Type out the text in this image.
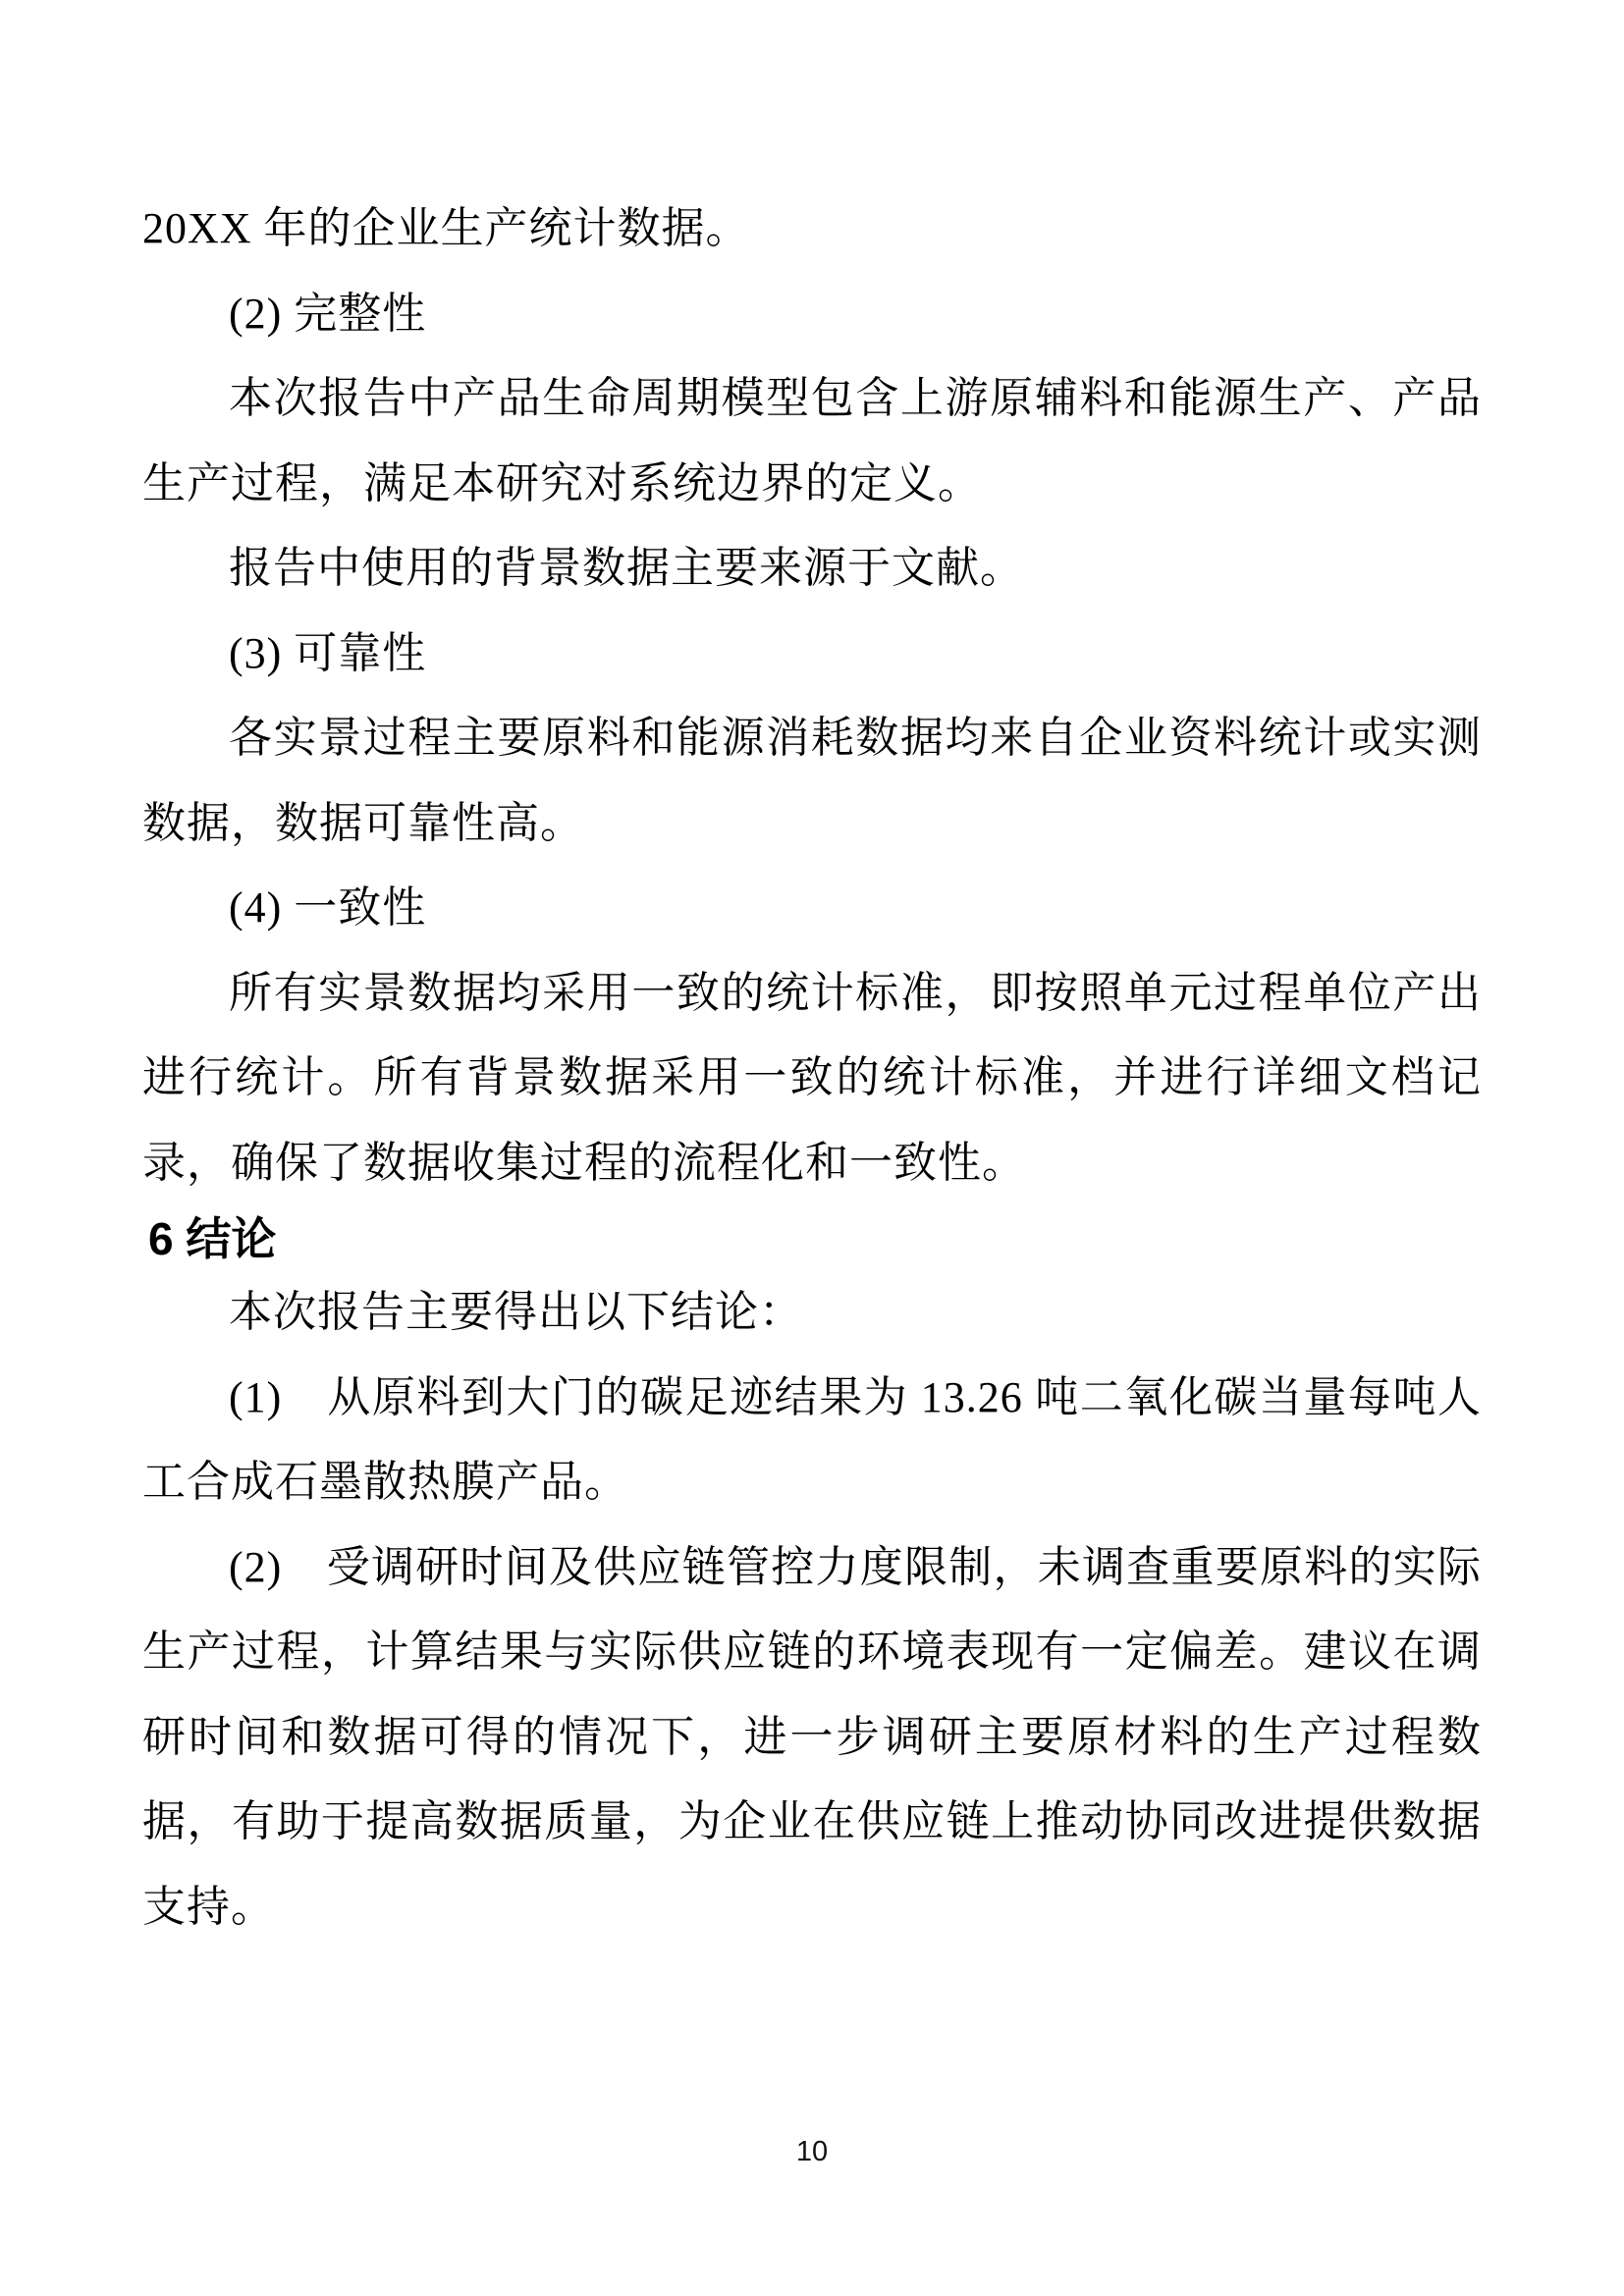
20XX 年的企业生产统计数据。

(2) 完整性

本次报告中产品生命周期模型包含上游原辅料和能源生产、产品生产过程，满足本研究对系统边界的定义。

报告中使用的背景数据主要来源于文献。

(3) 可靠性

各实景过程主要原料和能源消耗数据均来自企业资料统计或实测数据，数据可靠性高。

(4) 一致性

所有实景数据均采用一致的统计标准，即按照单元过程单位产出进行统计。所有背景数据采用一致的统计标准，并进行详细文档记录，确保了数据收集过程的流程化和一致性。

6 结论

本次报告主要得出以下结论：

(1)　从原料到大门的碳足迹结果为 13.26 吨二氧化碳当量每吨人工合成石墨散热膜产品。

(2)　受调研时间及供应链管控力度限制，未调查重要原料的实际生产过程，计算结果与实际供应链的环境表现有一定偏差。建议在调研时间和数据可得的情况下，进一步调研主要原材料的生产过程数据，有助于提高数据质量，为企业在供应链上推动协同改进提供数据支持。

10
